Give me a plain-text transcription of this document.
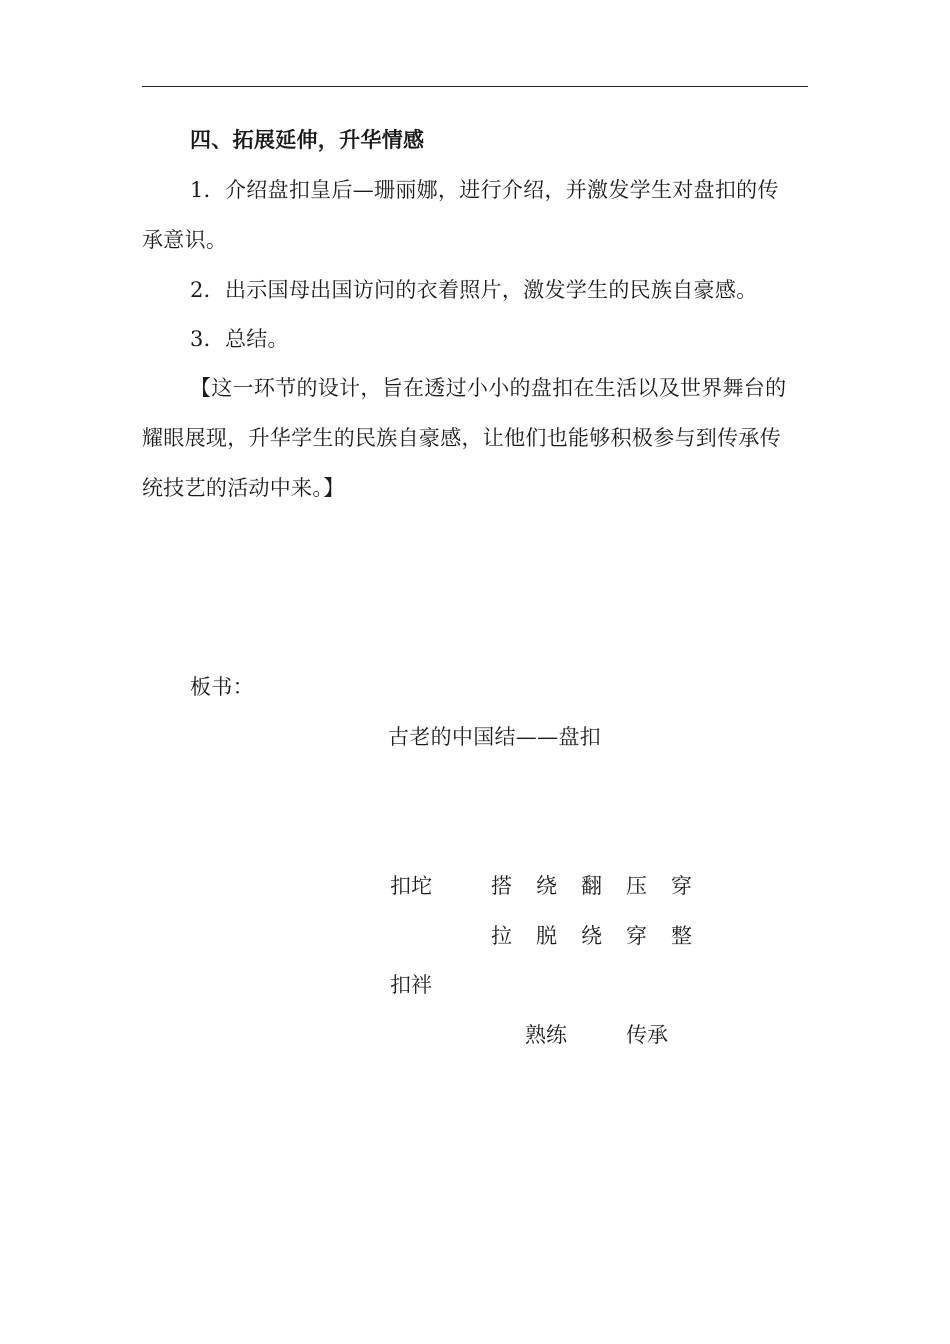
四、拓展延伸，升华情感
1．介绍盘扣皇后—珊丽娜，进行介绍，并激发学生对盘扣的传
承意识。
2．出示国母出国访问的衣着照片，激发学生的民族自豪感。
3．总结。
【这一环节的设计，旨在透过小小的盘扣在生活以及世界舞台的
耀眼展现，升华学生的民族自豪感，让他们也能够积极参与到传承传
统技艺的活动中来。】
板书：
古老的中国结——盘扣
扣坨	搭 绕 翻 压 穿
拉 脱 绕 穿 整
扣袢
熟练	传承
